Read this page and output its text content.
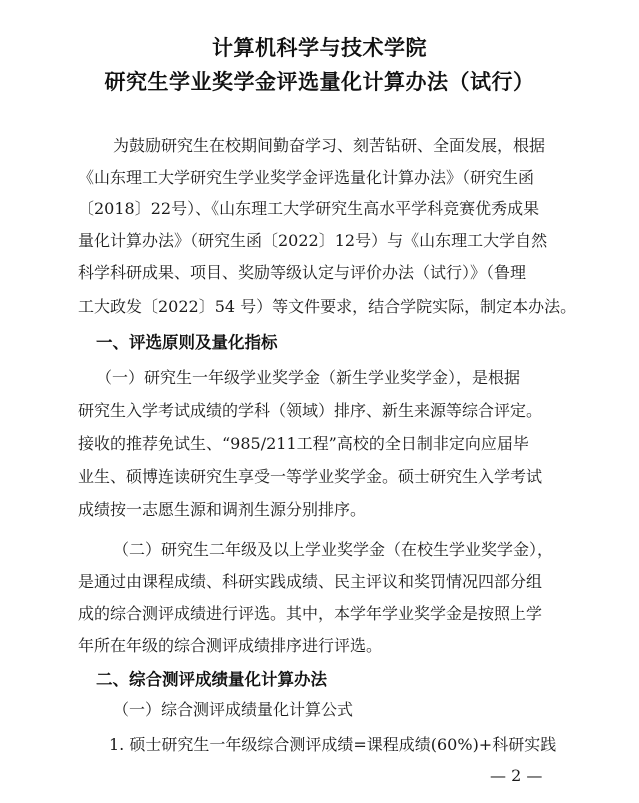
计算机科学与技术学院
研究生学业奖学金评选量化计算办法（试行）
为鼓励研究生在校期间勤奋学习、刻苦钻研、全面发展，根据
《山东理工大学研究生学业奖学金评选量化计算办法》（研究生函
〔2018〕22号）、《山东理工大学研究生高水平学科竞赛优秀成果
量化计算办法》（研究生函〔2022〕12号）与《山东理工大学自然
科学科研成果、项目、奖励等级认定与评价办法（试行）》（鲁理
工大政发〔2022〕54 号）等文件要求，结合学院实际，制定本办法。
一、评选原则及量化指标
（一）研究生一年级学业奖学金（新生学业奖学金），是根据
研究生入学考试成绩的学科（领域）排序、新生来源等综合评定。
接收的推荐免试生、“985/211工程”高校的全日制非定向应届毕
业生、硕博连读研究生享受一等学业奖学金。硕士研究生入学考试
成绩按一志愿生源和调剂生源分别排序。
（二）研究生二年级及以上学业奖学金（在校生学业奖学金），
是通过由课程成绩、科研实践成绩、民主评议和奖罚情况四部分组
成的综合测评成绩进行评选。其中，本学年学业奖学金是按照上学
年所在年级的综合测评成绩排序进行评选。
二、综合测评成绩量化计算办法
（一）综合测评成绩量化计算公式
1. 硕士研究生一年级综合测评成绩=课程成绩(60%)+科研实践
— 2 —
